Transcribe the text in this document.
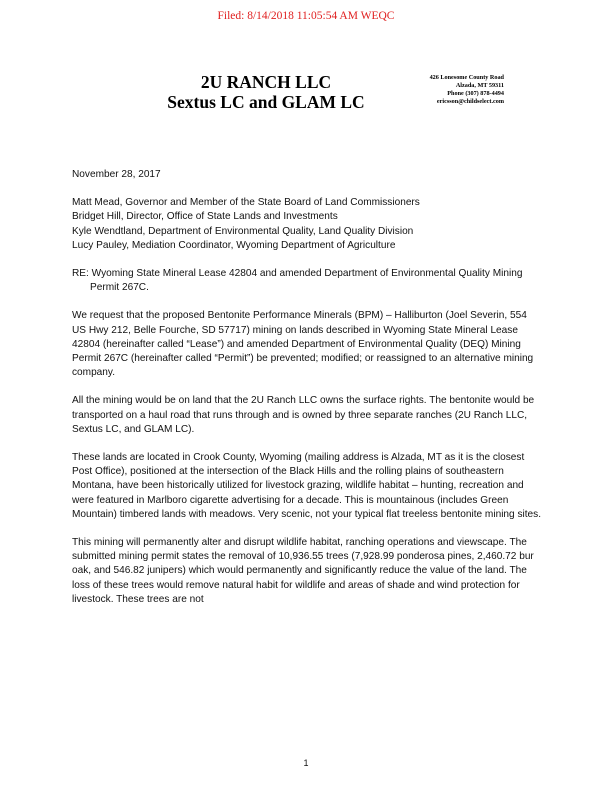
Filed: 8/14/2018 11:05:54 AM WEQC
2U RANCH LLC
Sextus LC and GLAM LC
426 Lonesome County Road
Alzada, MT 59311
Phone (307) 878-4494
ericsson@childselect.com

November 28, 2017

Matt Mead, Governor and Member of the State Board of Land Commissioners
Bridget Hill, Director, Office of State Lands and Investments
Kyle Wendtland, Department of Environmental Quality, Land Quality Division
Lucy Pauley, Mediation Coordinator, Wyoming Department of Agriculture

RE: Wyoming State Mineral Lease 42804 and amended Department of Environmental Quality Mining Permit 267C.

We request that the proposed Bentonite Performance Minerals (BPM) – Halliburton (Joel Severin, 554 US Hwy 212, Belle Fourche, SD 57717) mining on lands described in Wyoming State Mineral Lease 42804 (hereinafter called “Lease”) and amended Department of Environmental Quality (DEQ) Mining Permit 267C (hereinafter called “Permit”) be prevented; modified; or reassigned to an alternative mining company.

All the mining would be on land that the 2U Ranch LLC owns the surface rights. The bentonite would be transported on a haul road that runs through and is owned by three separate ranches (2U Ranch LLC, Sextus LC, and GLAM LC).

These lands are located in Crook County, Wyoming (mailing address is Alzada, MT as it is the closest Post Office), positioned at the intersection of the Black Hills and the rolling plains of southeastern Montana, have been historically utilized for livestock grazing, wildlife habitat – hunting, recreation and were featured in Marlboro cigarette advertising for a decade. This is mountainous (includes Green Mountain) timbered lands with meadows. Very scenic, not your typical flat treeless bentonite mining sites.

This mining will permanently alter and disrupt wildlife habitat, ranching operations and viewscape. The submitted mining permit states the removal of 10,936.55 trees (7,928.99 ponderosa pines, 2,460.72 bur oak, and 546.82 junipers) which would permanently and significantly reduce the value of the land. The loss of these trees would remove natural habit for wildlife and areas of shade and wind protection for livestock. These trees are not

1
